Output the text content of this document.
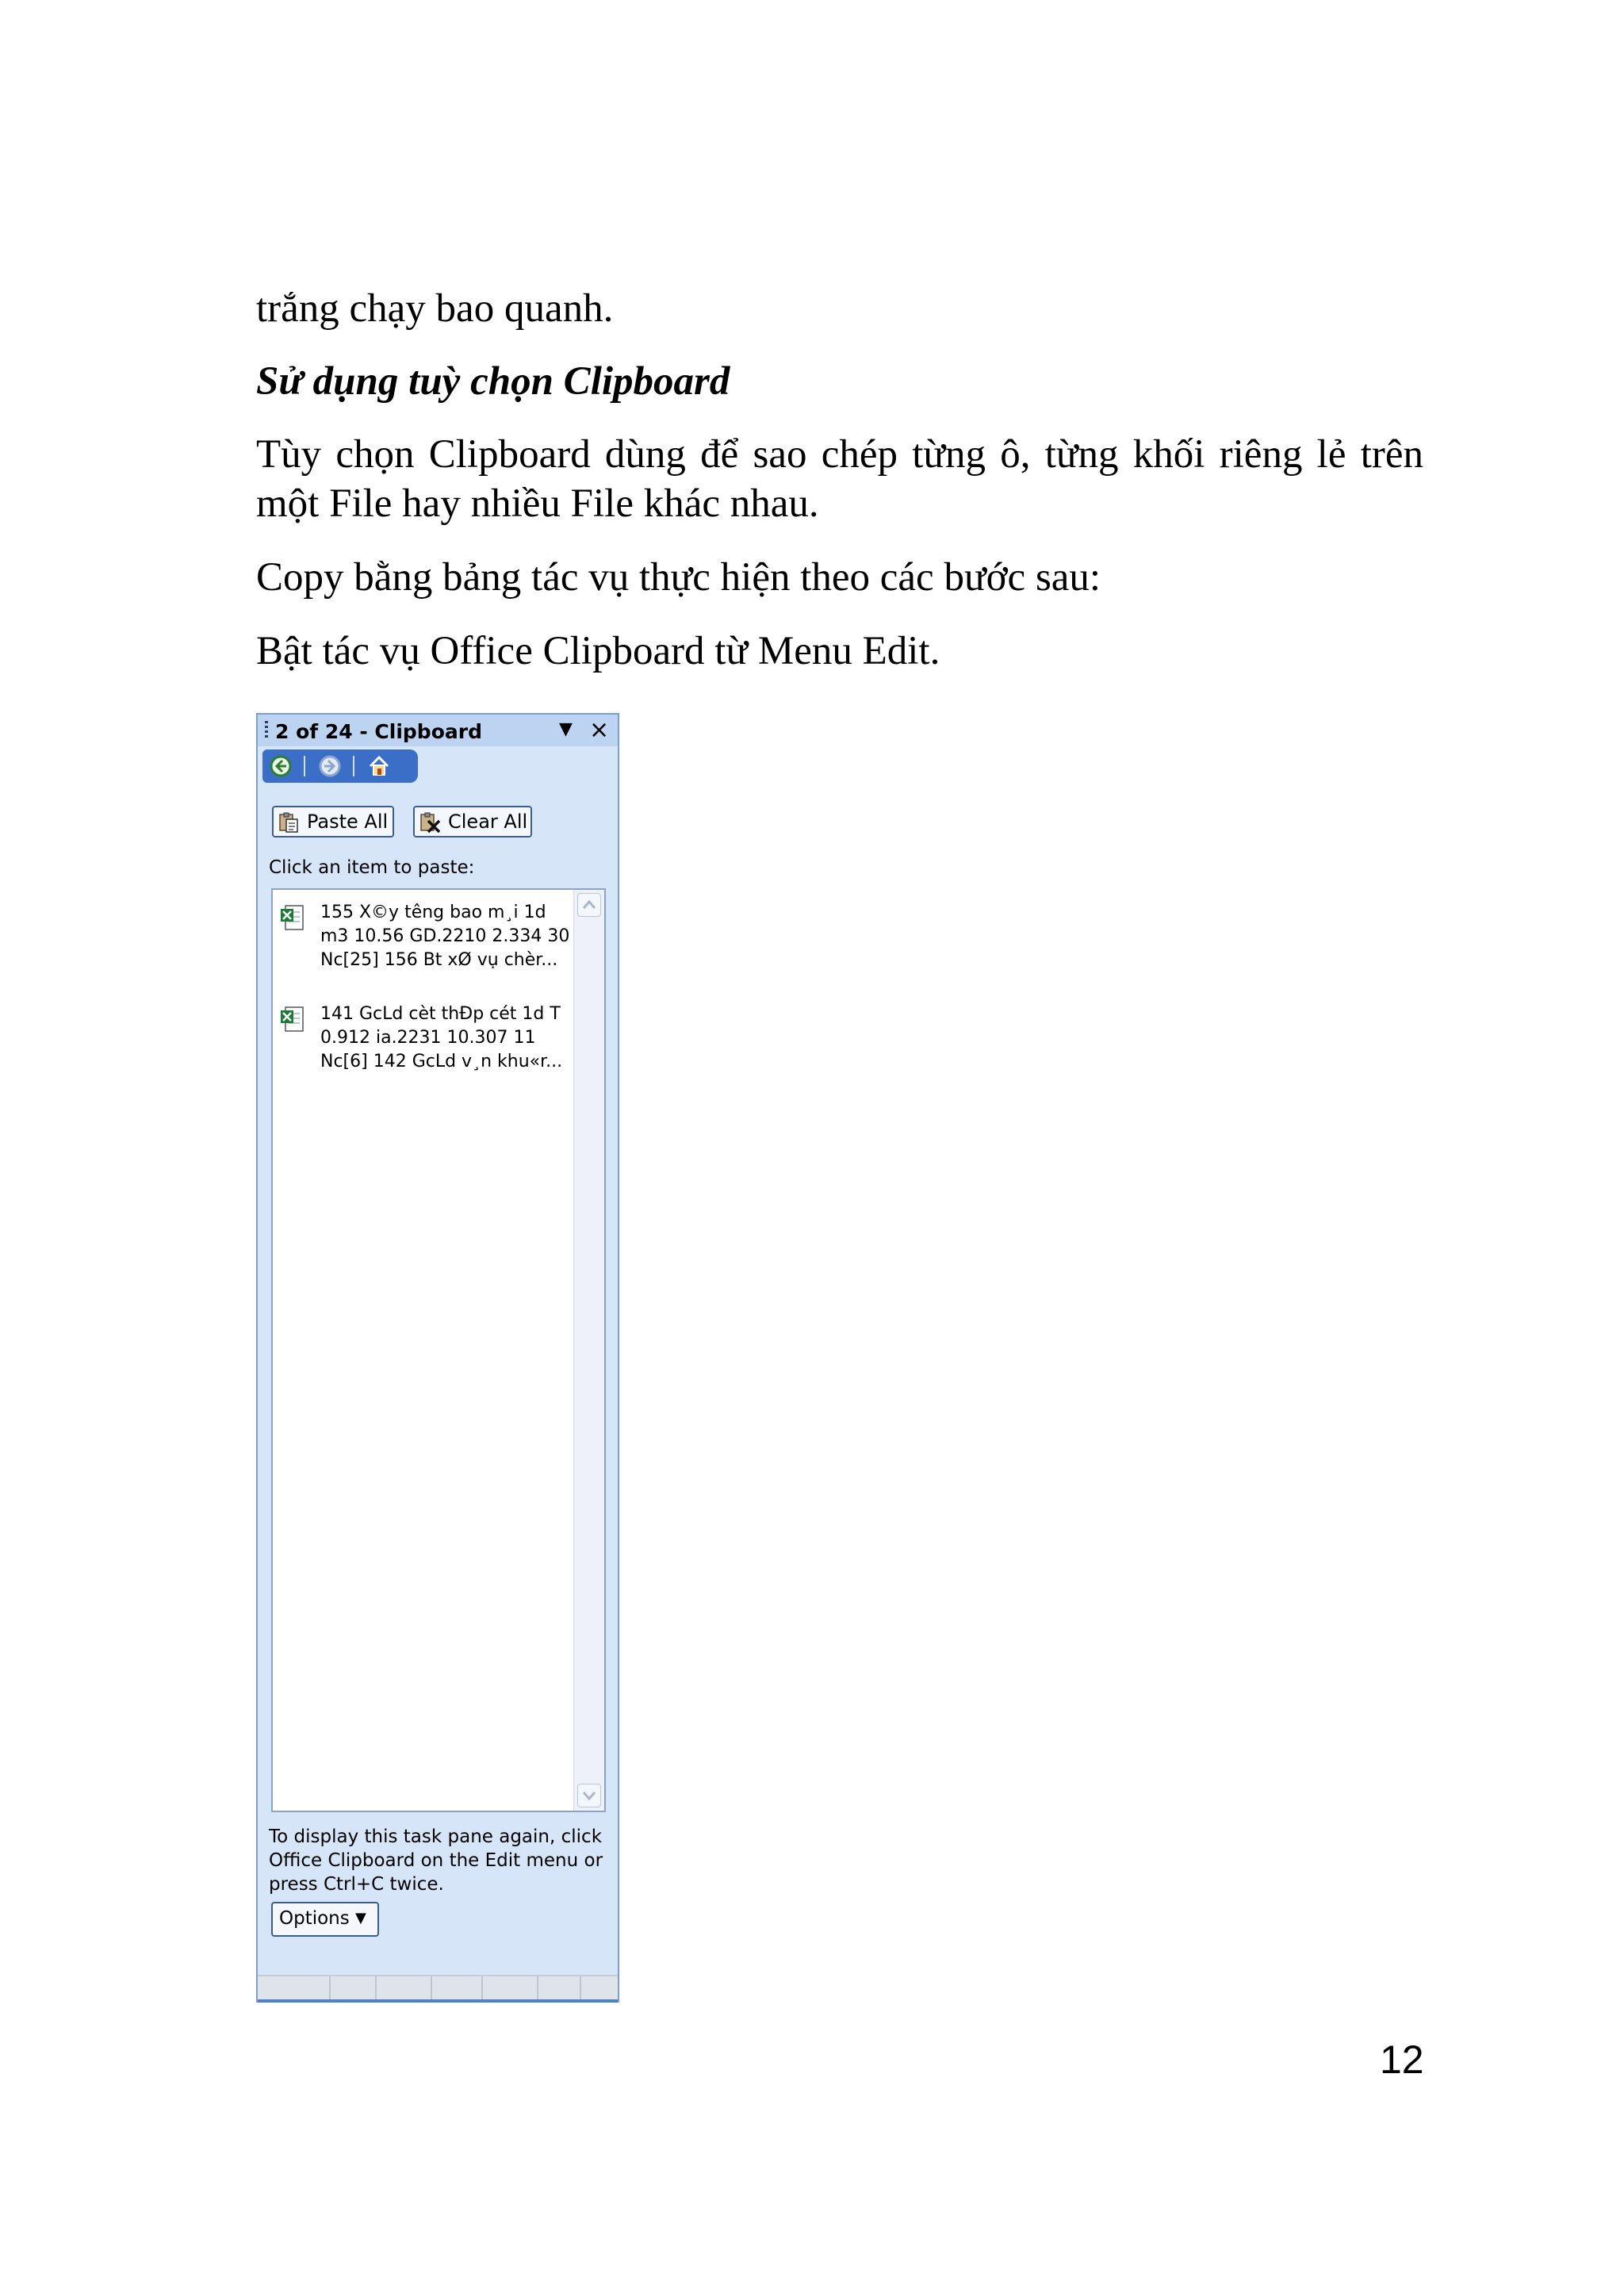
trắng chạy bao quanh.

Sử dụng tuỳ chọn Clipboard

Tùy chọn Clipboard dùng để sao chép từng ô, từng khối riêng lẻ trên một File hay nhiều File khác nhau.

Copy bằng bảng tác vụ thực hiện theo các bước sau:

Bật tác vụ Office Clipboard từ Menu Edit.

2 of 24 - Clipboard	▼ ×
Paste All	Clear All
Click an item to paste:
155 X©y têng bao m¸i 1d
m3 10.56 GD.2210 2.334 30
Nc[25] 156 Bt xØ vụ chèr...
141 GcLd cèt thÐp cét 1d T
0.912 ia.2231 10.307 11
Nc[6] 142 GcLd v¸n khu«r...
To display this task pane again, click
Office Clipboard on the Edit menu or
press Ctrl+C twice.
Options ▼
12
